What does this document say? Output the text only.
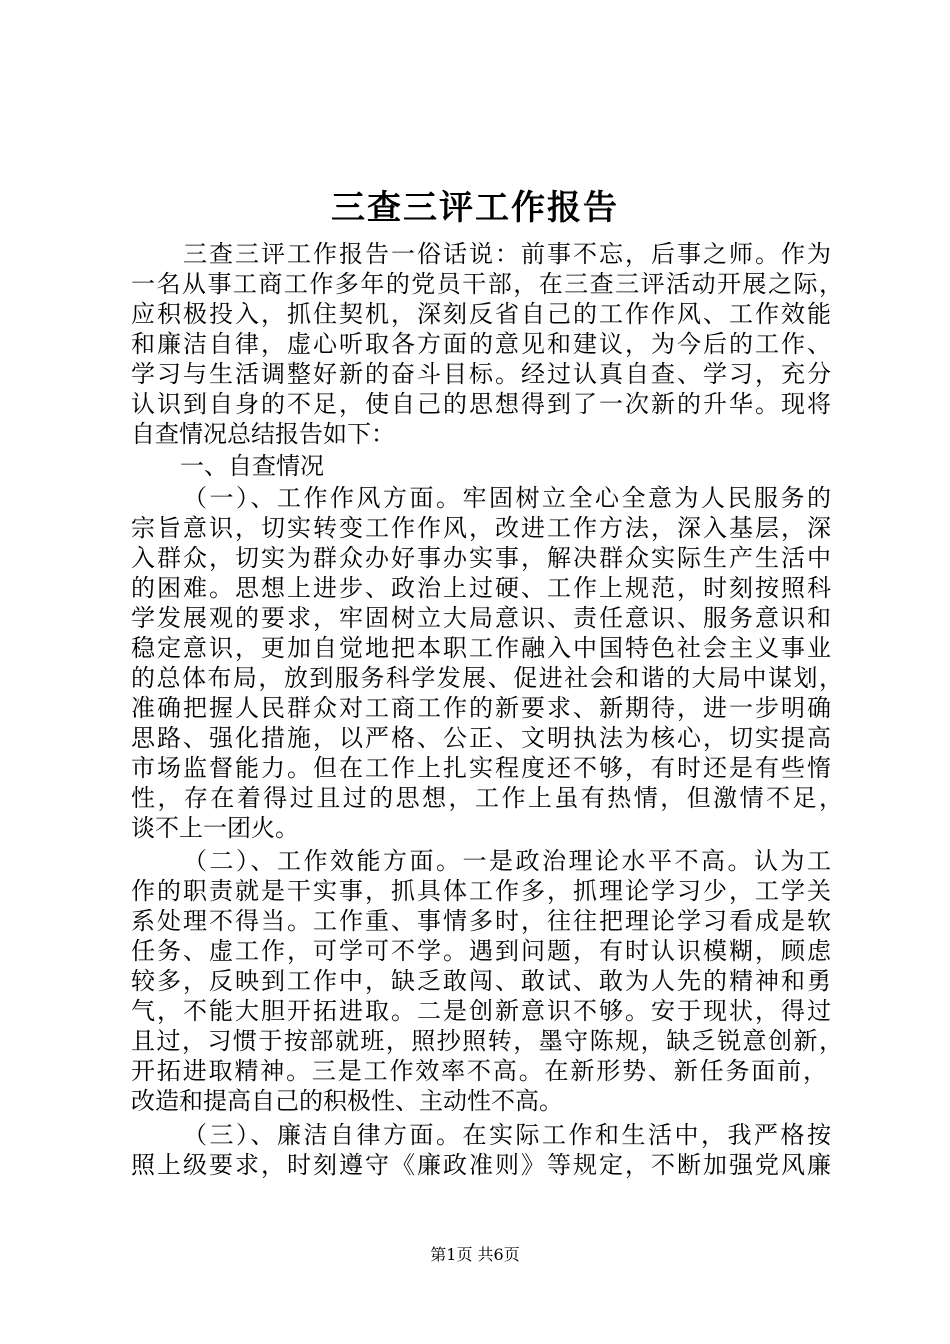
三查三评工作报告
三查三评工作报告一俗话说：前事不忘，后事之师。作为
一名从事工商工作多年的党员干部，在三查三评活动开展之际，
应积极投入，抓住契机，深刻反省自己的工作作风、工作效能
和廉洁自律，虚心听取各方面的意见和建议，为今后的工作、
学习与生活调整好新的奋斗目标。经过认真自查、学习，充分
认识到自身的不足，使自己的思想得到了一次新的升华。现将
自查情况总结报告如下：
一、自查情况
（一）、工作作风方面。牢固树立全心全意为人民服务的
宗旨意识，切实转变工作作风，改进工作方法，深入基层，深
入群众，切实为群众办好事办实事，解决群众实际生产生活中
的困难。思想上进步、政治上过硬、工作上规范，时刻按照科
学发展观的要求，牢固树立大局意识、责任意识、服务意识和
稳定意识，更加自觉地把本职工作融入中国特色社会主义事业
的总体布局，放到服务科学发展、促进社会和谐的大局中谋划，
准确把握人民群众对工商工作的新要求、新期待，进一步明确
思路、强化措施，以严格、公正、文明执法为核心，切实提高
市场监督能力。但在工作上扎实程度还不够，有时还是有些惰
性，存在着得过且过的思想，工作上虽有热情，但激情不足，
谈不上一团火。
（二）、工作效能方面。一是政治理论水平不高。认为工
作的职责就是干实事，抓具体工作多，抓理论学习少，工学关
系处理不得当。工作重、事情多时，往往把理论学习看成是软
任务、虚工作，可学可不学。遇到问题，有时认识模糊，顾虑
较多，反映到工作中，缺乏敢闯、敢试、敢为人先的精神和勇
气，不能大胆开拓进取。二是创新意识不够。安于现状，得过
且过，习惯于按部就班，照抄照转，墨守陈规，缺乏锐意创新，
开拓进取精神。三是工作效率不高。在新形势、新任务面前，
改造和提高自己的积极性、主动性不高。
（三）、廉洁自律方面。在实际工作和生活中，我严格按
照上级要求，时刻遵守《廉政准则》等规定，不断加强党风廉
第1页 共6页
